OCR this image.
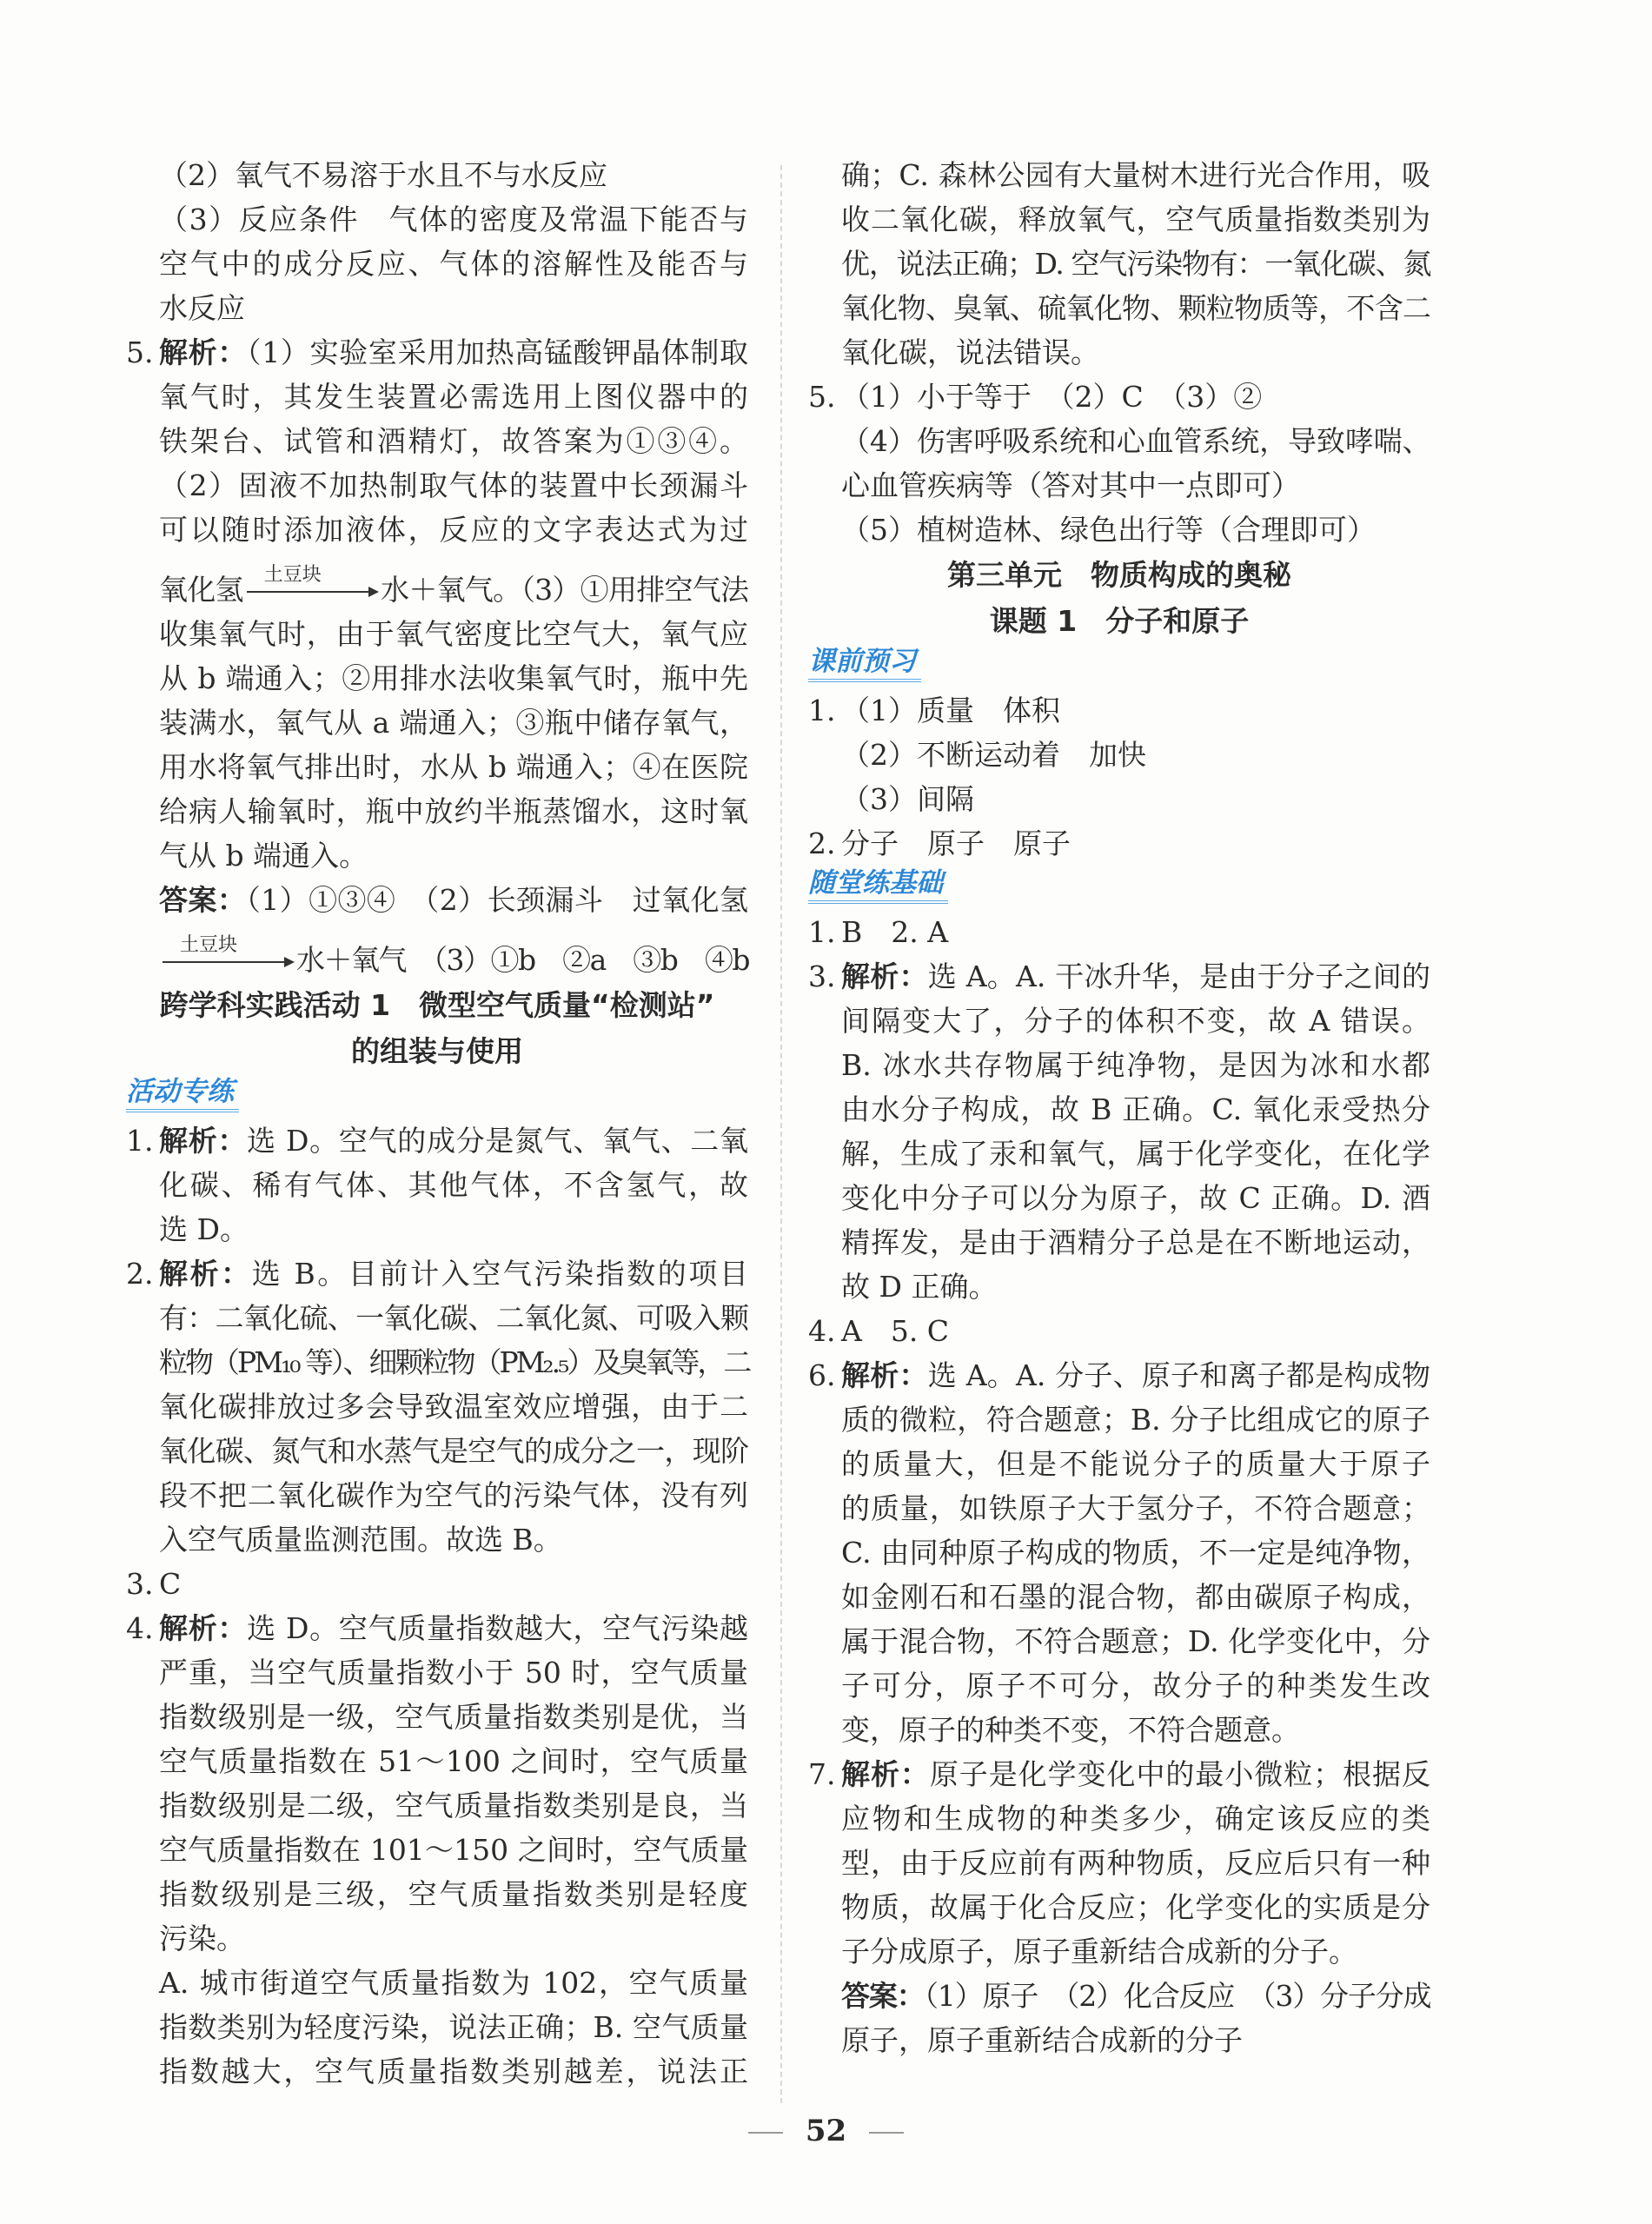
（2）氧气不易溶于水且不与水反应
（3）反应条件　气体的密度及常温下能否与
空气中的成分反应、气体的溶解性及能否与
水反应
5. 解析：（1）实验室采用加热高锰酸钾晶体制取
氧气时，其发生装置必需选用上图仪器中的
铁架台、试管和酒精灯，故答案为①③④。
（2）固液不加热制取气体的装置中长颈漏斗
可以随时添加液体，反应的文字表达式为过
氧化氢 土豆块 水＋氧气。（3）①用排空气法
收集氧气时，由于氧气密度比空气大，氧气应
从 b 端通入；②用排水法收集氧气时，瓶中先
装满水，氧气从 a 端通入；③瓶中储存氧气，
用水将氧气排出时，水从 b 端通入；④在医院
给病人输氧时，瓶中放约半瓶蒸馏水，这时氧
气从 b 端通入。
答案：（1）①③④　（2）长颈漏斗　过氧化氢
土豆块 水＋氧气　（3）①b　②a　③b　④b
跨学科实践活动 1　微型空气质量“检测站”
的组装与使用
活动专练
1. 解析：选 D。空气的成分是氮气、氧气、二氧
化碳、稀有气体、其他气体，不含氢气，故
选 D。
2. 解析：选 B。目前计入空气污染指数的项目
有：二氧化硫、一氧化碳、二氧化氮、可吸入颗
粒物（PM₁₀ 等）、细颗粒物（PM₂.₅）及臭氧等，二
氧化碳排放过多会导致温室效应增强，由于二
氧化碳、氮气和水蒸气是空气的成分之一，现阶
段不把二氧化碳作为空气的污染气体，没有列
入空气质量监测范围。故选 B。
3. C
4. 解析：选 D。空气质量指数越大，空气污染越
严重，当空气质量指数小于 50 时，空气质量
指数级别是一级，空气质量指数类别是优，当
空气质量指数在 51～100 之间时，空气质量
指数级别是二级，空气质量指数类别是良，当
空气质量指数在 101～150 之间时，空气质量
指数级别是三级，空气质量指数类别是轻度
污染。
A. 城市街道空气质量指数为 102，空气质量
指数类别为轻度污染，说法正确；B. 空气质量
指数越大，空气质量指数类别越差，说法正
确；C. 森林公园有大量树木进行光合作用，吸
收二氧化碳，释放氧气，空气质量指数类别为
优，说法正确；D. 空气污染物有：一氧化碳、氮
氧化物、臭氧、硫氧化物、颗粒物质等，不含二
氧化碳，说法错误。
5. （1）小于等于　（2）C　（3）②
（4）伤害呼吸系统和心血管系统，导致哮喘、
心血管疾病等（答对其中一点即可）
（5）植树造林、绿色出行等（合理即可）
第三单元　物质构成的奥秘
课题 1　分子和原子
课前预习
1. （1）质量　体积
（2）不断运动着　加快
（3）间隔
2. 分子　原子　原子
随堂练基础
1. B　2. A
3. 解析：选 A。A. 干冰升华，是由于分子之间的
间隔变大了，分子的体积不变，故 A 错误。
B. 冰水共存物属于纯净物，是因为冰和水都
由水分子构成，故 B 正确。C. 氧化汞受热分
解，生成了汞和氧气，属于化学变化，在化学
变化中分子可以分为原子，故 C 正确。D. 酒
精挥发，是由于酒精分子总是在不断地运动，
故 D 正确。
4. A　5. C
6. 解析：选 A。A. 分子、原子和离子都是构成物
质的微粒，符合题意；B. 分子比组成它的原子
的质量大，但是不能说分子的质量大于原子
的质量，如铁原子大于氢分子，不符合题意；
C. 由同种原子构成的物质，不一定是纯净物，
如金刚石和石墨的混合物，都由碳原子构成，
属于混合物，不符合题意；D. 化学变化中，分
子可分，原子不可分，故分子的种类发生改
变，原子的种类不变，不符合题意。
7. 解析：原子是化学变化中的最小微粒；根据反
应物和生成物的种类多少，确定该反应的类
型，由于反应前有两种物质，反应后只有一种
物质，故属于化合反应；化学变化的实质是分
子分成原子，原子重新结合成新的分子。
答案：（1）原子　（2）化合反应　（3）分子分成
原子，原子重新结合成新的分子
52
